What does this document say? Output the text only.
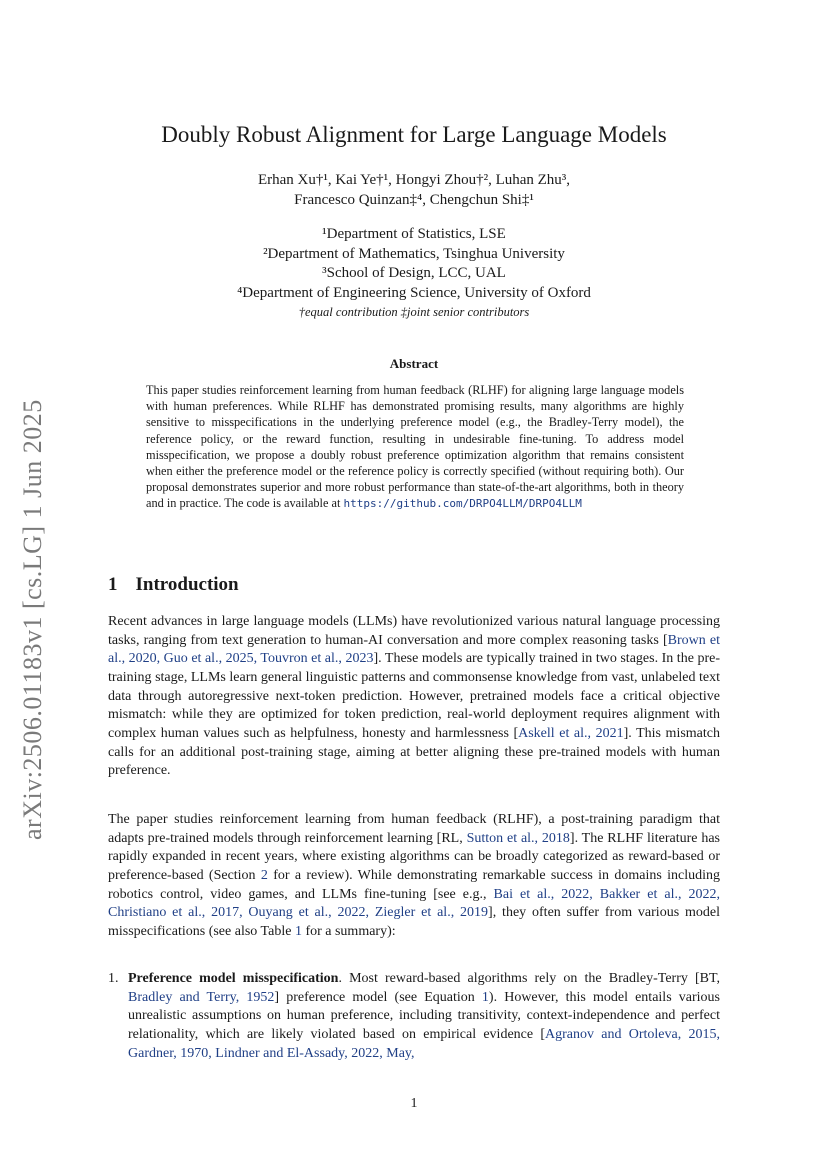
arXiv:2506.01183v1 [cs.LG] 1 Jun 2025
Doubly Robust Alignment for Large Language Models
Erhan Xu†¹, Kai Ye†¹, Hongyi Zhou†², Luhan Zhu³,
Francesco Quinzan‡⁴, Chengchun Shi‡¹
¹Department of Statistics, LSE
²Department of Mathematics, Tsinghua University
³School of Design, LCC, UAL
⁴Department of Engineering Science, University of Oxford
†equal contribution ‡joint senior contributors
Abstract
This paper studies reinforcement learning from human feedback (RLHF) for aligning large language models with human preferences. While RLHF has demonstrated promising results, many algorithms are highly sensitive to misspecifications in the underlying preference model (e.g., the Bradley-Terry model), the reference policy, or the reward function, resulting in undesirable fine-tuning. To address model misspecification, we propose a doubly robust preference optimization algorithm that remains consistent when either the preference model or the reference policy is correctly specified (without requiring both). Our proposal demonstrates superior and more robust performance than state-of-the-art algorithms, both in theory and in practice. The code is available at https://github.com/DRPO4LLM/DRPO4LLM
1 Introduction
Recent advances in large language models (LLMs) have revolutionized various natural language processing tasks, ranging from text generation to human-AI conversation and more complex reasoning tasks [Brown et al., 2020, Guo et al., 2025, Touvron et al., 2023]. These models are typically trained in two stages. In the pre-training stage, LLMs learn general linguistic patterns and commonsense knowledge from vast, unlabeled text data through autoregressive next-token prediction. However, pretrained models face a critical objective mismatch: while they are optimized for token prediction, real-world deployment requires alignment with complex human values such as helpfulness, honesty and harmlessness [Askell et al., 2021]. This mismatch calls for an additional post-training stage, aiming at better aligning these pre-trained models with human preference.
The paper studies reinforcement learning from human feedback (RLHF), a post-training paradigm that adapts pre-trained models through reinforcement learning [RL, Sutton et al., 2018]. The RLHF literature has rapidly expanded in recent years, where existing algorithms can be broadly categorized as reward-based or preference-based (Section 2 for a review). While demonstrating remarkable success in domains including robotics control, video games, and LLMs fine-tuning [see e.g., Bai et al., 2022, Bakker et al., 2022, Christiano et al., 2017, Ouyang et al., 2022, Ziegler et al., 2019], they often suffer from various model misspecifications (see also Table 1 for a summary):
1. Preference model misspecification. Most reward-based algorithms rely on the Bradley-Terry [BT, Bradley and Terry, 1952] preference model (see Equation 1). However, this model entails various unrealistic assumptions on human preference, including transitivity, context-independence and perfect relationality, which are likely violated based on empirical evidence [Agranov and Ortoleva, 2015, Gardner, 1970, Lindner and El-Assady, 2022, May,
1
